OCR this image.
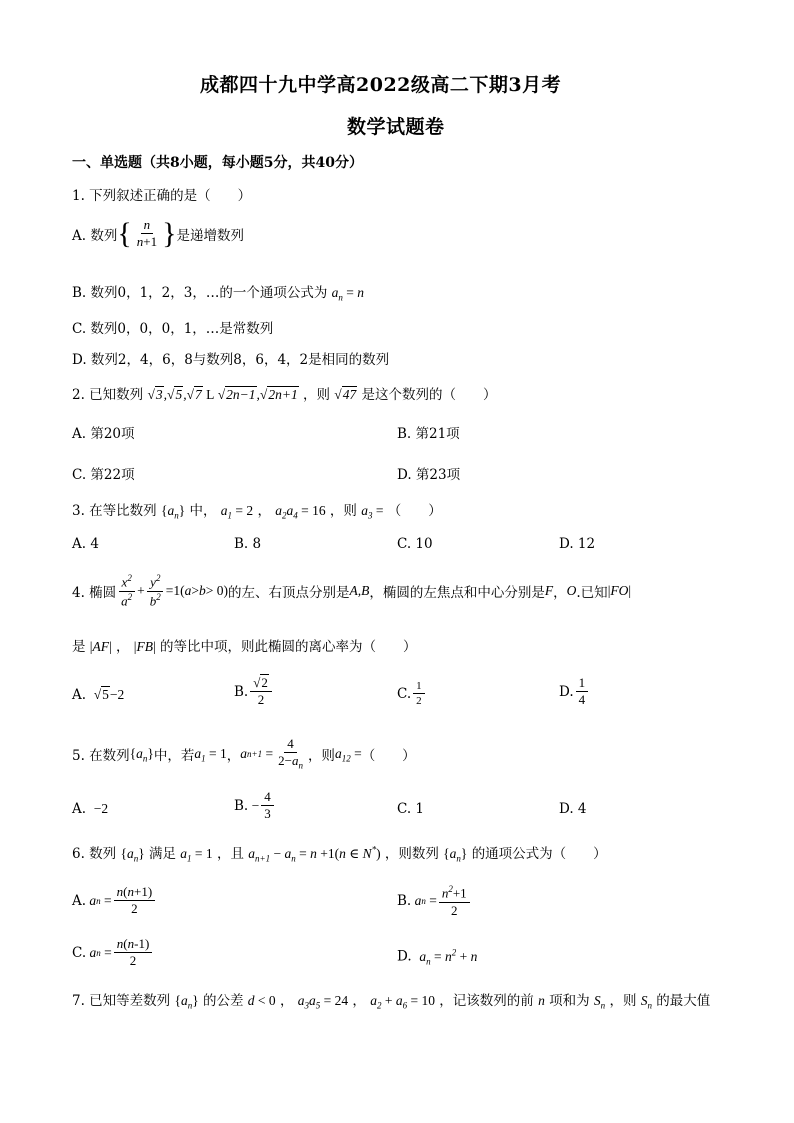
成都四十九中学高2022级高二下期3月考
数学试题卷
一、单选题（共8小题，每小题5分，共40分）
1. 下列叙述正确的是（　　）
A. 数列 { $\frac{n}{n+1}$ } 是递增数列
B. 数列0，1，2，3，…的一个通项公式为 $a_n = n$
C. 数列0，0，0，1，…是常数列
D. 数列2，4，6，8与数列8，6，4，2是相同的数列
2. 已知数列 √3,√5,√7 L √2n−1,√2n+1 ，则 √47 是这个数列的（　　）
A. 第20项	B. 第21项
C. 第22项	D. 第23项
3. 在等比数列 $\{a_n\}$ 中， $a_1 = 2$ ， $a_2a_4 = 16$ ，则 $a_3$ = （　　）
A. 4	B. 8	C. 10	D. 12
4. 椭圆 $\frac{x^2}{a^2} + \frac{y^2}{b^2} =1$( a > b > 0) 的左、右顶点分别是 A,B ，椭圆的左焦点和中心分别是 F ， O .已知 |FO|
是 |AF| ， |FB| 的等比中项，则此椭圆的离心率为（　　）
A. √5−2	B. $\frac{√2}{2}$	C. $\frac{1}{2}$	D. $\frac{1}{4}$
5. 在数列 $\{a_n\}$ 中，若 $a_1 = 1$ ， a n+1
= $\frac{4}{2-a_n}$ ，则 $a_{12}$ = （　　）
A.  −2	B. − $\frac{4}{3}$	C. 1	D. 4
6. 数列 $\{a_n\}$ 满足 $a_1 = 1$ ，且 $a_{n+1} - a_n = n +1(n$ ∈ N*) ，则数列 $\{a_n\}$ 的通项公式为（　　）
A. a n
= $\frac{n(n+1)}{2}$	B. a n
= $\frac{n^2+1}{2}$
C. a n
= $\frac{n(n-1)}{2}$	D.  $a_n = n^2 + n$
7. 已知等差数列 $\{a_n\}$ 的公差 d < 0 ， $a_3a_5 = 24$ ， $a_2 + a_6 = 10$ ，记该数列的前 n 项和为 $S_n$ ，则 $S_n$ 的最大值
